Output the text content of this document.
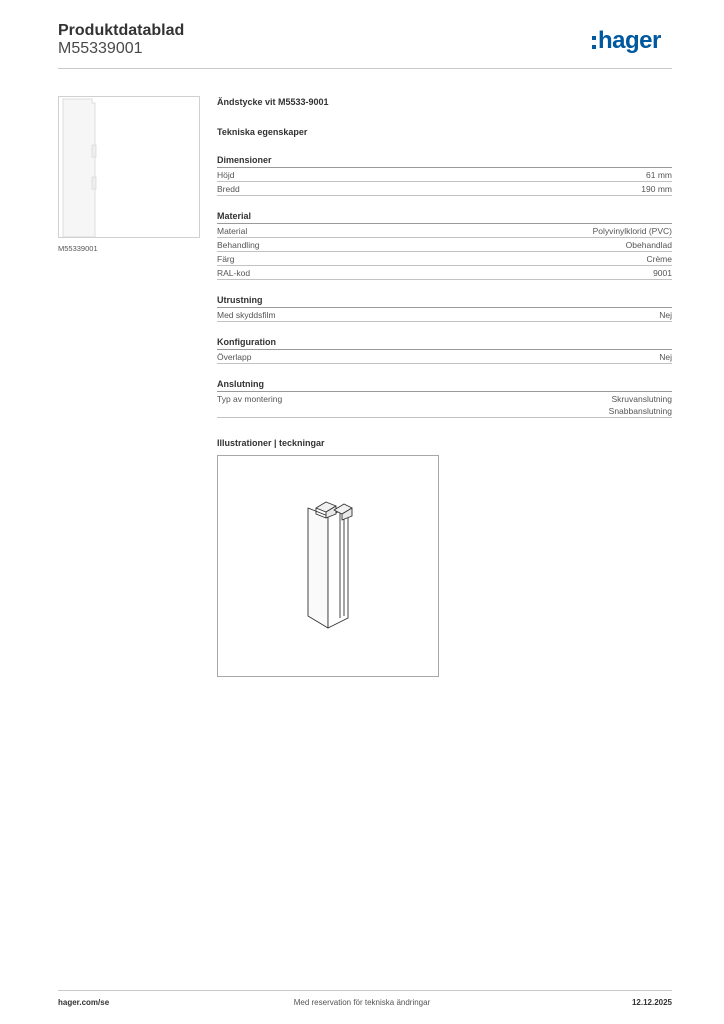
Produktdatablad
M55339001	hager
M55339001

Ändstycke vit M5533-9001

Tekniska egenskaper

Dimensioner
Höjd	61 mm
Bredd	190 mm
Material
Material	Polyvinylklorid (PVC)
Behandling	Obehandlad
Färg	Crème
RAL-kod	9001
Utrustning
Med skyddsfilm	Nej
Konfiguration
Överlapp	Nej
Anslutning
Typ av montering	Skruvanslutning
Snabbanslutning
Illustrationer | teckningar
hager.com/se	Med reservation för tekniska ändringar	12.12.2025
